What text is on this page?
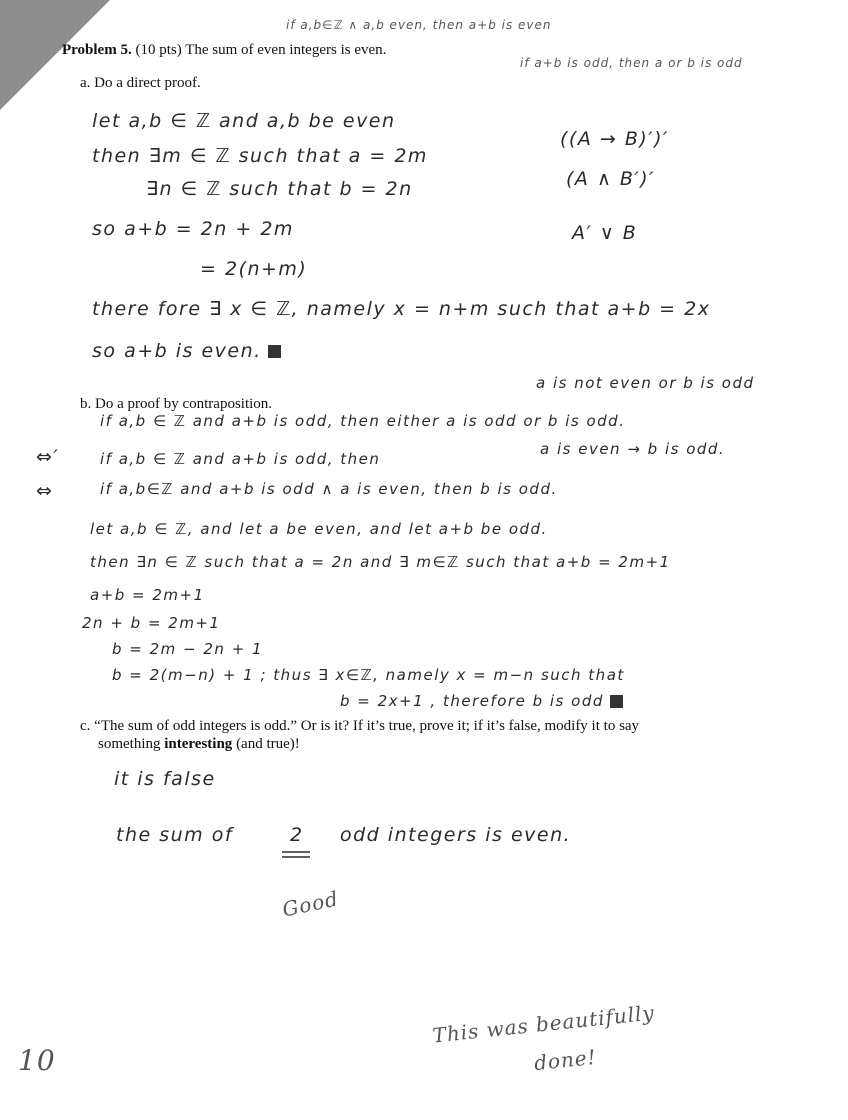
if a,b∈ℤ ∧ a,b even, then a+b is even
if a+b is odd, then a or b is odd
Problem 5. (10 pts) The sum of even integers is even.
a. Do a direct proof.
let a,b ∈ ℤ and a,b be even
then ∃m ∈ ℤ such that a = 2m
∃n ∈ ℤ such that b = 2n
so a+b = 2n + 2m
= 2(n+m)
there fore ∃ x ∈ ℤ, namely x = n+m such that a+b = 2x
so a+b is even.
((A → B)′)′
(A ∧ B′)′
A′ ∨ B
a is not even or b is odd
b. Do a proof by contraposition.
if a,b ∈ ℤ and a+b is odd, then either a is odd or b is odd.
⇔′	if a,b ∈ ℤ and a+b is odd, then
a is even → b is odd.
⇔	if a,b∈ℤ and a+b is odd ∧ a is even, then b is odd.
let a,b ∈ ℤ, and let a be even, and let a+b be odd.
then ∃n ∈ ℤ such that a = 2n and ∃ m∈ℤ such that a+b = 2m+1
a+b = 2m+1
2n + b = 2m+1
b = 2m − 2n + 1
b = 2(m−n) + 1 ; thus ∃ x∈ℤ, namely x = m−n such that
b = 2x+1 , therefore b is odd
c. “The sum of odd integers is odd.” Or is it? If it’s true, prove it; if it’s false, modify it to say
something interesting (and true)!
it is false
the sum of	2 odd integers is even.
Good
This was beautifully
done!
10
